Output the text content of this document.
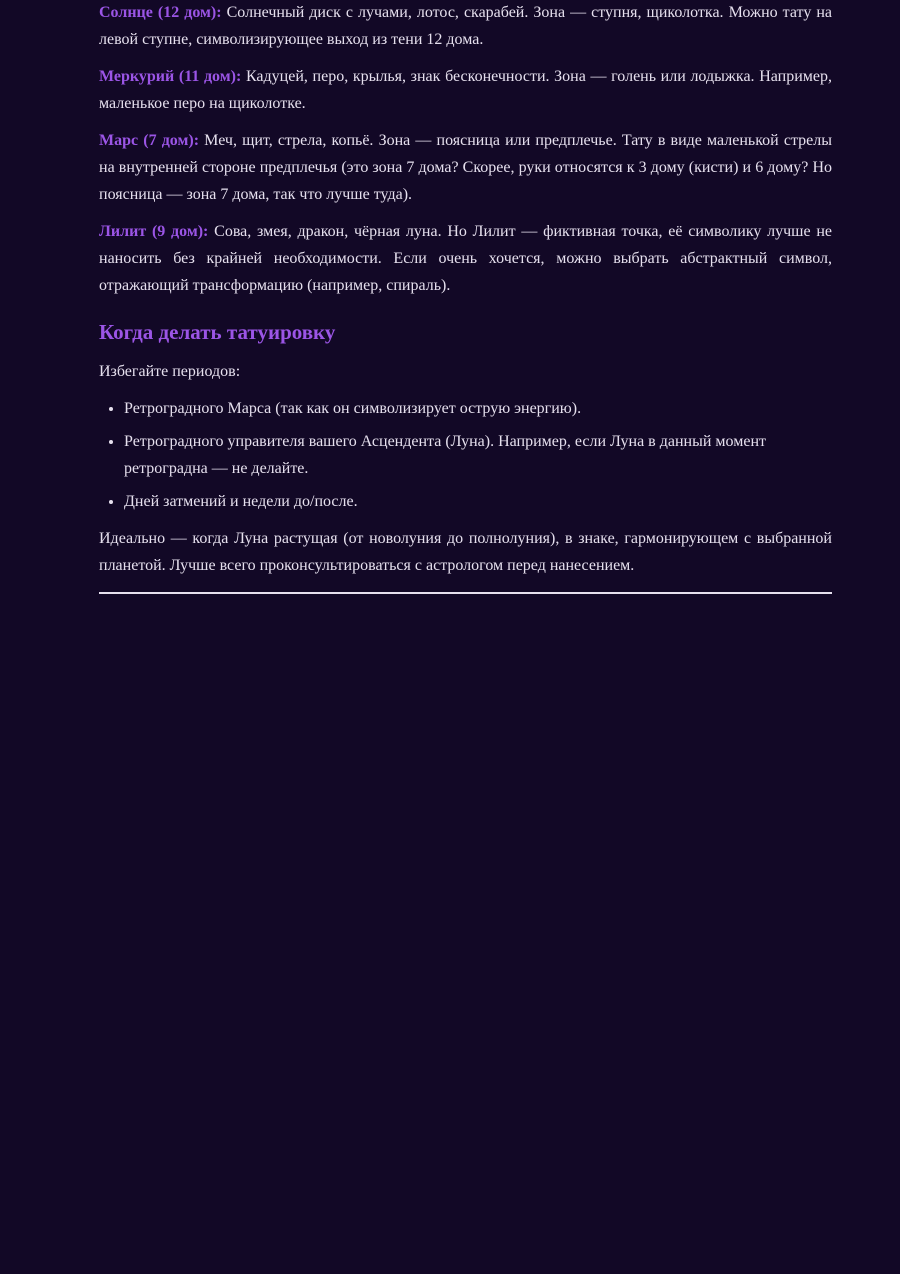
Солнце (12 дом): Солнечный диск с лучами, лотос, скарабей. Зона — ступня, щиколотка. Можно тату на левой ступне, символизирующее выход из тени 12 дома.

Меркурий (11 дом): Кадуцей, перо, крылья, знак бесконечности. Зона — голень или лодыжка. Например, маленькое перо на щиколотке.

Марс (7 дом): Меч, щит, стрела, копьё. Зона — поясница или предплечье. Тату в виде маленькой стрелы на внутренней стороне предплечья (это зона 7 дома? Скорее, руки относятся к 3 дому (кисти) и 6 дому? Но поясница — зона 7 дома, так что лучше туда).

Лилит (9 дом): Сова, змея, дракон, чёрная луна. Но Лилит — фиктивная точка, её символику лучше не наносить без крайней необходимости. Если очень хочется, можно выбрать абстрактный символ, отражающий трансформацию (например, спираль).

Когда делать татуировку

Избегайте периодов:

• Ретроградного Марса (так как он символизирует острую энергию).
• Ретроградного управителя вашего Асцендента (Луна). Например, если Луна в данный момент ретроградна — не делайте.
• Дней затмений и недели до/после.

Идеально — когда Луна растущая (от новолуния до полнолуния), в знаке, гармонирующем с выбранной планетой. Лучше всего проконсультироваться с астрологом перед нанесением.
